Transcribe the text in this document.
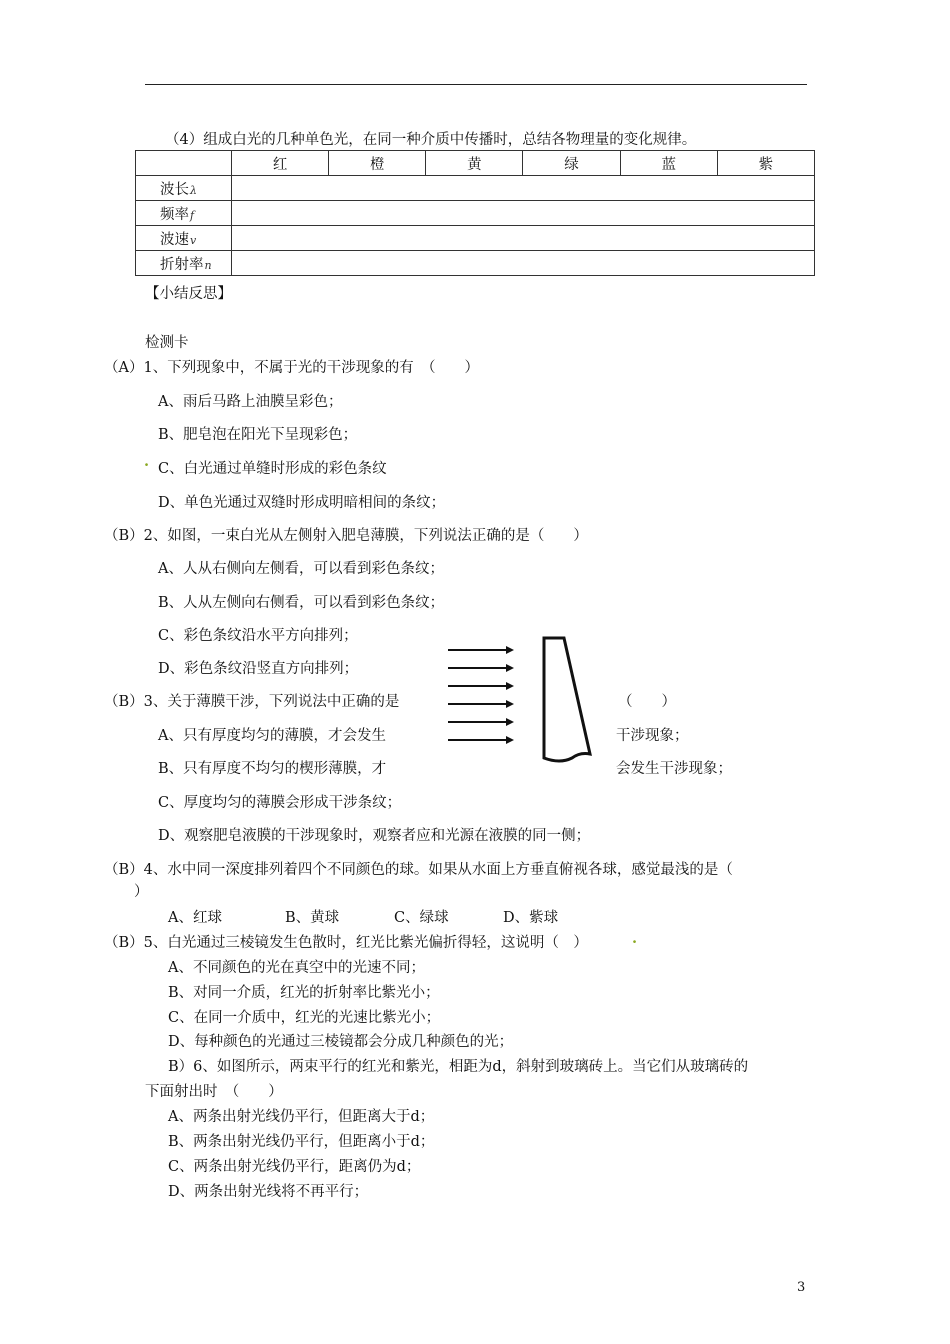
（4）组成白光的几种单色光，在同一种介质中传播时，总结各物理量的变化规律。
	红	橙	黄	绿	蓝	紫
波长λ						
频率f						
波速v						
折射率n						
【小结反思】
检测卡
（A）1、下列现象中，不属于光的干涉现象的有　（　　）
A、雨后马路上油膜呈彩色；
B、肥皂泡在阳光下呈现彩色；
. C、白光通过单缝时形成的彩色条纹
D、单色光通过双缝时形成明暗相间的条纹；
（B）2、如图，一束白光从左侧射入肥皂薄膜，下列说法正确的是（　　）
A、人从右侧向左侧看，可以看到彩色条纹；
B、人从左侧向右侧看，可以看到彩色条纹；
C、彩色条纹沿水平方向排列；
D、彩色条纹沿竖直方向排列；
（B）3、关于薄膜干涉，下列说法中正确的是	（　　）
A、只有厚度均匀的薄膜，才会发生	干涉现象；
B、只有厚度不均匀的楔形薄膜，才	会发生干涉现象；
C、厚度均匀的薄膜会形成干涉条纹；
D、观察肥皂液膜的干涉现象时，观察者应和光源在液膜的同一侧；
（B）4、水中同一深度排列着四个不同颜色的球。如果从水面上方垂直俯视各球，感觉最浅的是（
）
A、红球	B、黄球	C、绿球	D、紫球
（B）5、白光通过三棱镜发生色散时，红光比紫光偏折得轻，这说明（　）	.
A、不同颜色的光在真空中的光速不同；
B、对同一介质，红光的折射率比紫光小；
C、在同一介质中，红光的光速比紫光小；
D、每种颜色的光通过三棱镜都会分成几种颜色的光；
B）6、如图所示，两束平行的红光和紫光，相距为d，斜射到玻璃砖上。当它们从玻璃砖的
下面射出时　（　　）
A、两条出射光线仍平行，但距离大于d；
B、两条出射光线仍平行，但距离小于d；
C、两条出射光线仍平行，距离仍为d；
D、两条出射光线将不再平行；
3
